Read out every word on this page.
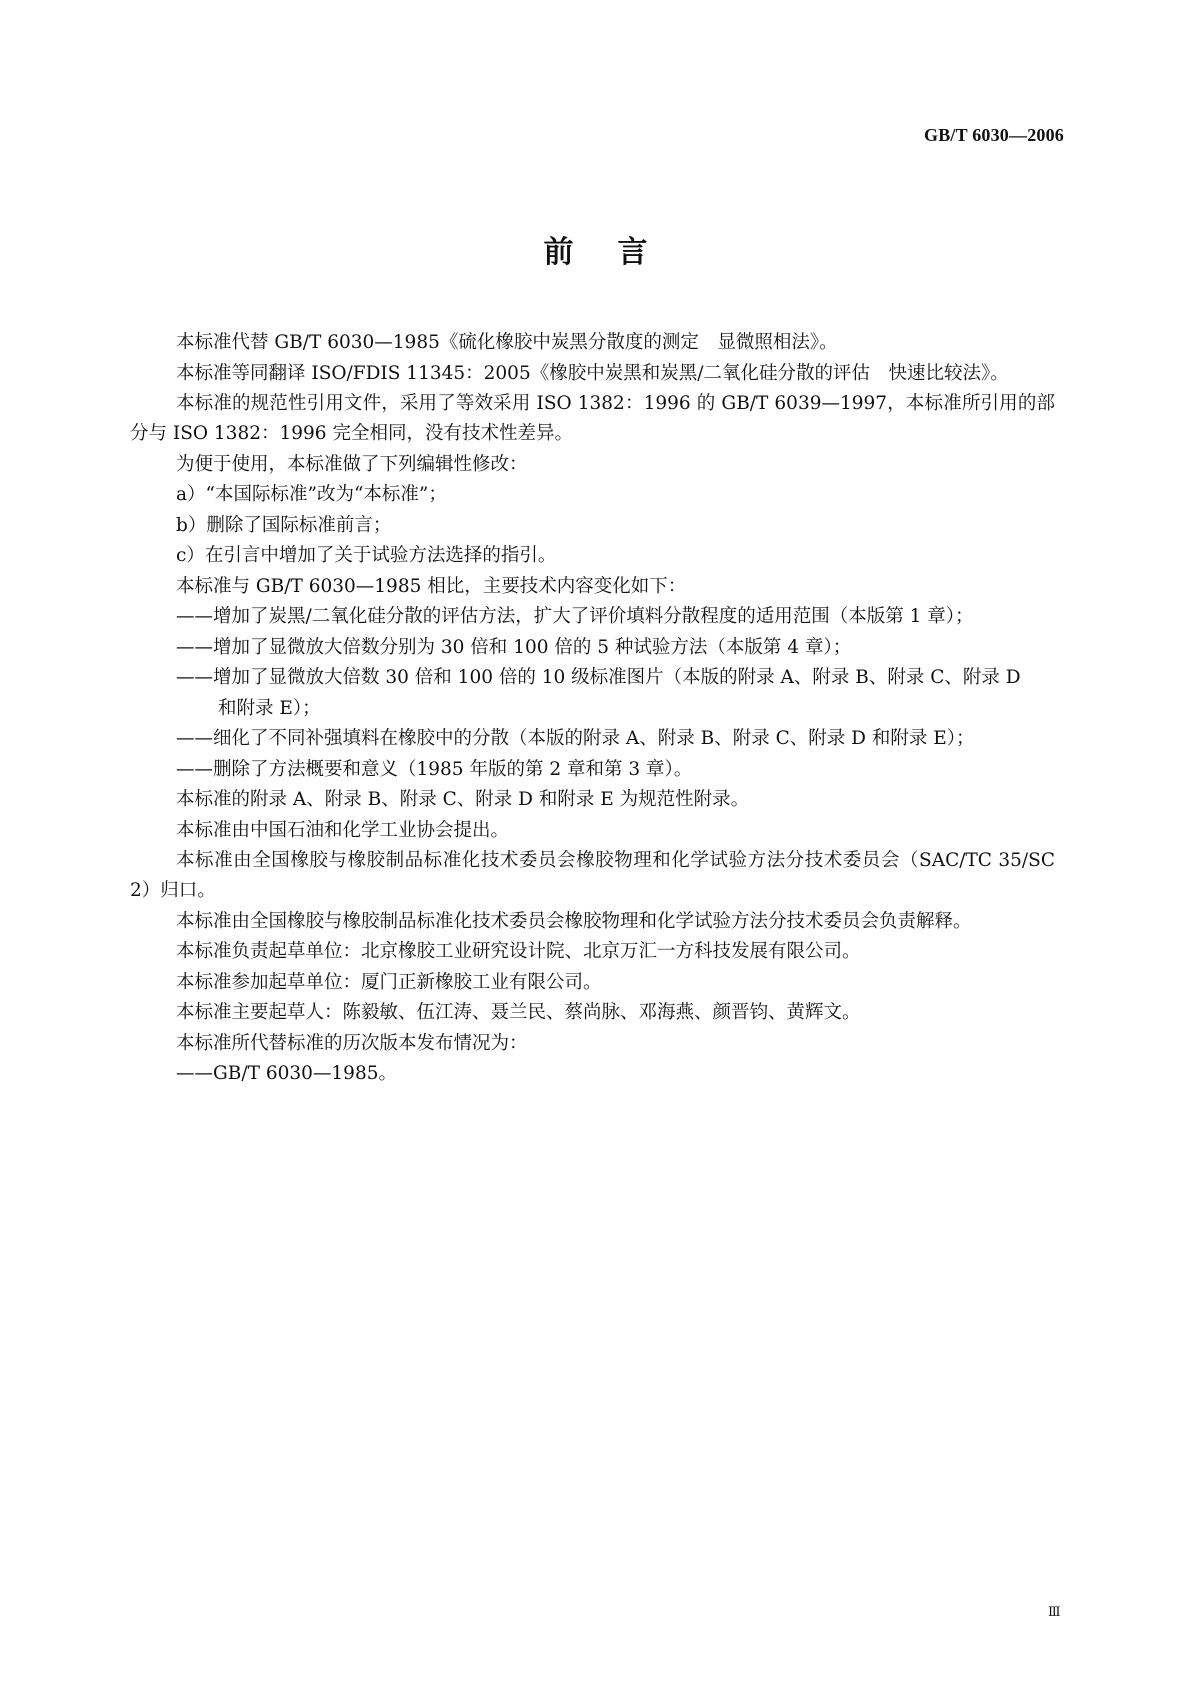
GB/T 6030—2006
前言

本标准代替 GB/T 6030—1985《硫化橡胶中炭黑分散度的测定　显微照相法》。

本标准等同翻译 ISO/FDIS 11345：2005《橡胶中炭黑和炭黑/二氧化硅分散的评估　快速比较法》。

本标准的规范性引用文件，采用了等效采用 ISO 1382：1996 的 GB/T 6039—1997，本标准所引用的部分与 ISO 1382：1996 完全相同，没有技术性差异。

为便于使用，本标准做了下列编辑性修改：

a）“本国际标准”改为“本标准”；

b）删除了国际标准前言；

c）在引言中增加了关于试验方法选择的指引。

本标准与 GB/T 6030—1985 相比，主要技术内容变化如下：

——增加了炭黑/二氧化硅分散的评估方法，扩大了评价填料分散程度的适用范围（本版第 1 章）；

——增加了显微放大倍数分别为 30 倍和 100 倍的 5 种试验方法（本版第 4 章）；

——增加了显微放大倍数 30 倍和 100 倍的 10 级标准图片（本版的附录 A、附录 B、附录 C、附录 D

和附录 E）；

——细化了不同补强填料在橡胶中的分散（本版的附录 A、附录 B、附录 C、附录 D 和附录 E）；

——删除了方法概要和意义（1985 年版的第 2 章和第 3 章）。

本标准的附录 A、附录 B、附录 C、附录 D 和附录 E 为规范性附录。

本标准由中国石油和化学工业协会提出。

本标准由全国橡胶与橡胶制品标准化技术委员会橡胶物理和化学试验方法分技术委员会（SAC/TC 35/SC 2）归口。

本标准由全国橡胶与橡胶制品标准化技术委员会橡胶物理和化学试验方法分技术委员会负责解释。

本标准负责起草单位：北京橡胶工业研究设计院、北京万汇一方科技发展有限公司。

本标准参加起草单位：厦门正新橡胶工业有限公司。

本标准主要起草人：陈毅敏、伍江涛、聂兰民、蔡尚脉、邓海燕、颜晋钧、黄辉文。

本标准所代替标准的历次版本发布情况为：

——GB/T 6030—1985。

Ⅲ
